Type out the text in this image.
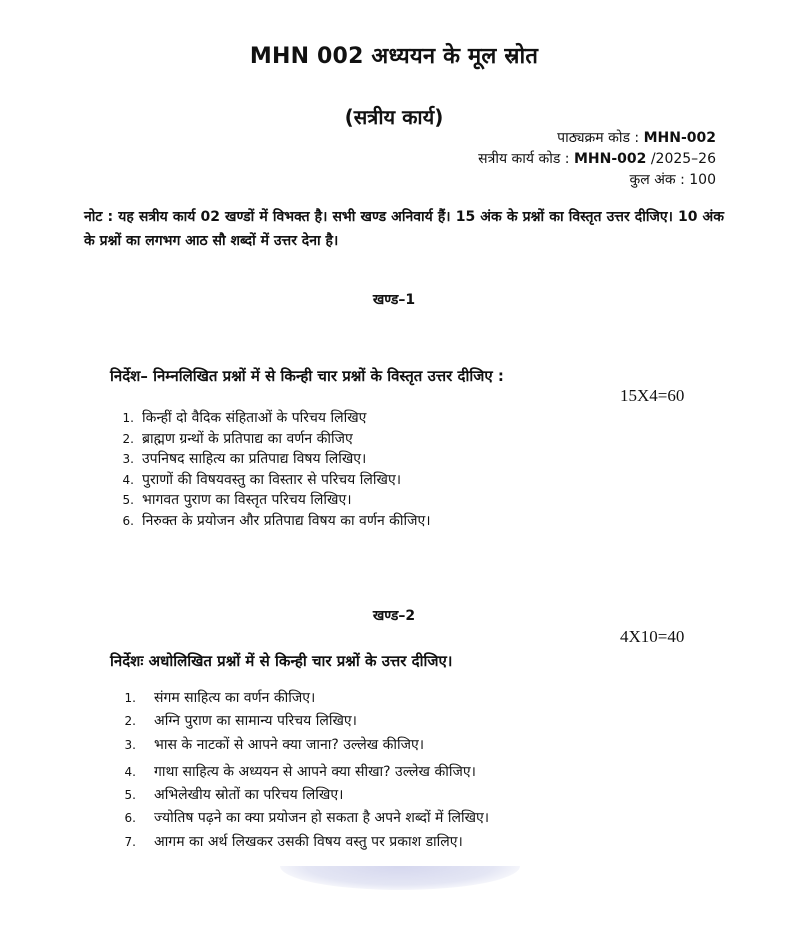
MHN 002 अध्ययन के मूल स्रोत
(सत्रीय कार्य)
पाठ्यक्रम कोड : MHN-002
सत्रीय कार्य कोड : MHN-002 /2025–26
कुल अंक : 100
नोट : यह सत्रीय कार्य 02 खण्डों में विभक्त है। सभी खण्ड अनिवार्य हैं। 15 अंक के प्रश्नों का विस्तृत उत्तर दीजिए। 10 अंक के प्रश्नों का लगभग आठ सौ शब्दों में उत्तर देना है।
खण्ड–1
निर्देश– निम्नलिखित प्रश्नों में से किन्ही चार प्रश्नों के विस्तृत उत्तर दीजिए :
15X4=60
1. किन्हीं दो वैदिक संहिताओं के परिचय लिखिए
2. ब्राह्मण ग्रन्थों के प्रतिपाद्य का वर्णन कीजिए
3. उपनिषद साहित्य का प्रतिपाद्य विषय लिखिए।
4. पुराणों की विषयवस्तु का विस्तार से परिचय लिखिए।
5. भागवत पुराण का विस्तृत परिचय लिखिए।
6. निरुक्त के प्रयोजन और प्रतिपाद्य विषय का वर्णन कीजिए।
खण्ड–2
4X10=40
निर्देशः अधोलिखित प्रश्नों में से किन्ही चार प्रश्नों के उत्तर दीजिए।
1. संगम साहित्य का वर्णन कीजिए।
2. अग्नि पुराण का सामान्य परिचय लिखिए।
3. भास के नाटकों से आपने क्या जाना? उल्लेख कीजिए।
4. गाथा साहित्य के अध्ययन से आपने क्या सीखा? उल्लेख कीजिए।
5. अभिलेखीय स्रोतों का परिचय लिखिए।
6. ज्योतिष पढ़ने का क्या प्रयोजन हो सकता है अपने शब्दों में लिखिए।
7. आगम का अर्थ लिखकर उसकी विषय वस्तु पर प्रकाश डालिए।
